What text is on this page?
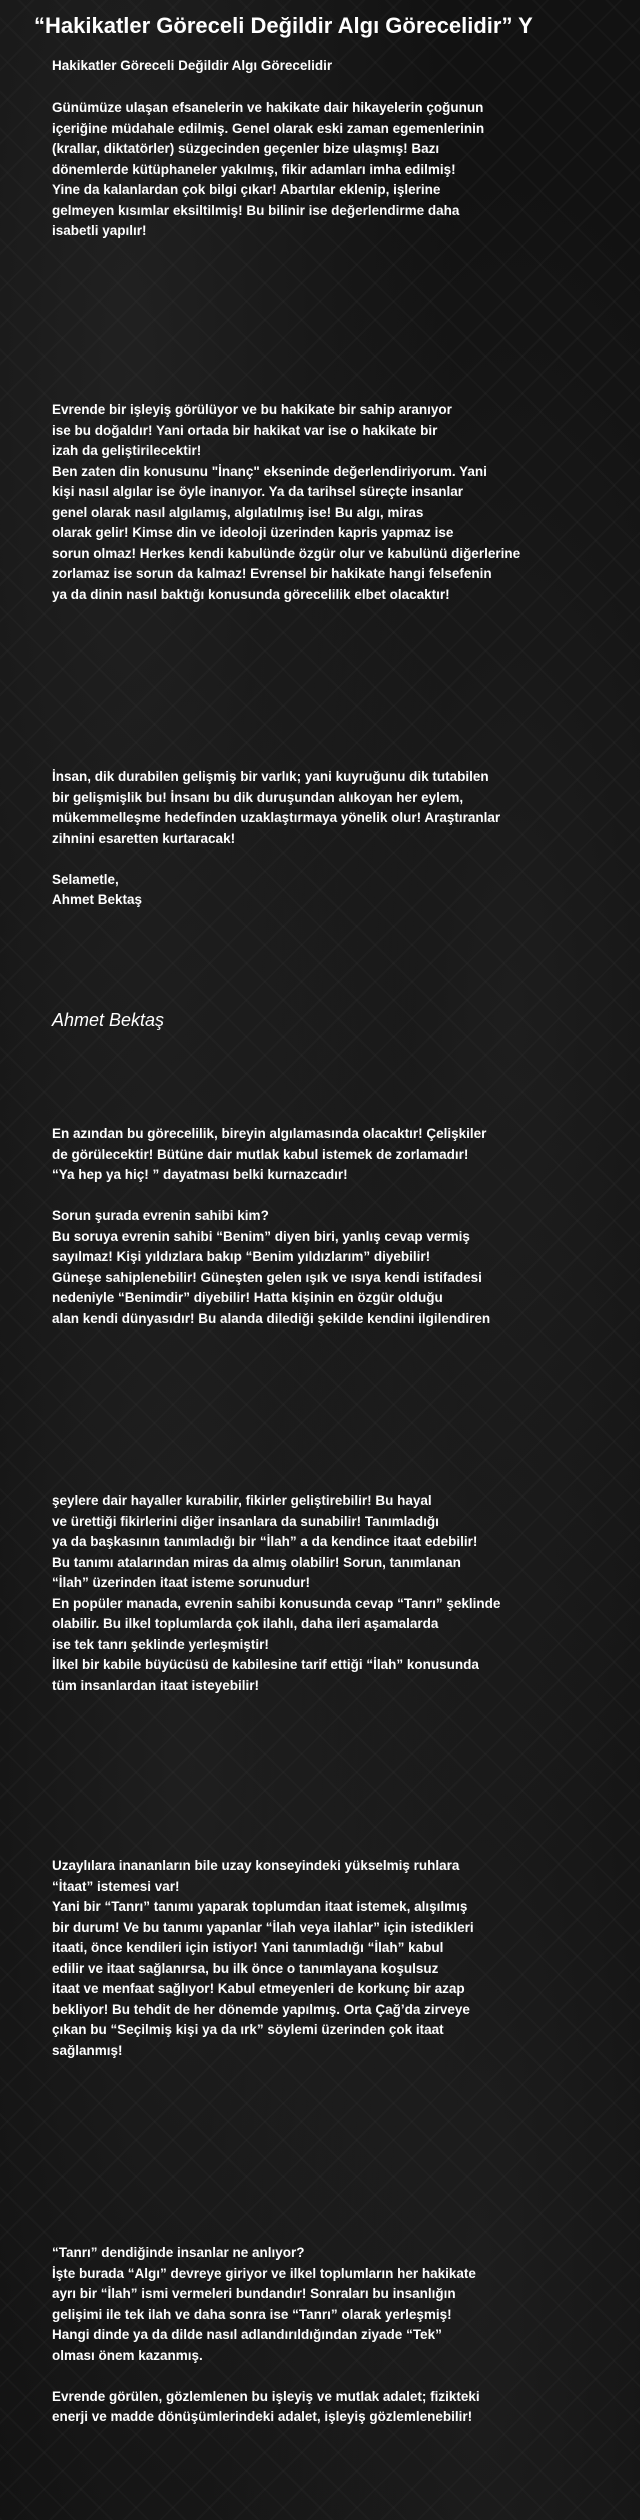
“Hakikatler Göreceli Değildir Algı Görecelidir” Y
Hakikatler Göreceli Değildir Algı Görecelidir
Günümüze ulaşan efsanelerin ve hakikate dair hikayelerin çoğunun
içeriğine müdahale edilmiş. Genel olarak eski zaman egemenlerinin
(krallar, diktatörler) süzgecinden geçenler bize ulaşmış! Bazı
dönemlerde kütüphaneler yakılmış, fikir adamları imha edilmiş!
Yine da kalanlardan çok bilgi çıkar! Abartılar eklenip, işlerine
gelmeyen kısımlar eksiltilmiş! Bu bilinir ise değerlendirme daha
isabetli yapılır!
Evrende bir işleyiş görülüyor ve bu hakikate bir sahip aranıyor
ise bu doğaldır! Yani ortada bir hakikat var ise o hakikate bir
izah da geliştirilecektir!
Ben zaten din konusunu "İnanç" ekseninde değerlendiriyorum. Yani
kişi nasıl algılar ise öyle inanıyor. Ya da tarihsel süreçte insanlar
genel olarak nasıl algılamış, algılatılmış ise! Bu algı, miras
olarak gelir! Kimse din ve ideoloji üzerinden kapris yapmaz ise
sorun olmaz! Herkes kendi kabulünde özgür olur ve kabulünü diğerlerine
zorlamaz ise sorun da kalmaz! Evrensel bir hakikate hangi felsefenin
ya da dinin nasıl baktığı konusunda görecelilik elbet olacaktır!
İnsan, dik durabilen gelişmiş bir varlık; yani kuyruğunu dik tutabilen
bir gelişmişlik bu! İnsanı bu dik duruşundan alıkoyan her eylem,
mükemmelleşme hedefinden uzaklaştırmaya yönelik olur! Araştıranlar
zihnini esaretten kurtaracak!

Selametle,
Ahmet Bektaş
Ahmet Bektaş
En azından bu görecelilik, bireyin algılamasında olacaktır! Çelişkiler
de görülecektir! Bütüne dair mutlak kabul istemek de zorlamadır!
“Ya hep ya hiç! ” dayatması belki kurnazcadır!

Sorun şurada evrenin sahibi kim?
Bu soruya evrenin sahibi “Benim” diyen biri, yanlış cevap vermiş
sayılmaz! Kişi yıldızlara bakıp “Benim yıldızlarım” diyebilir!
Güneşe sahiplenebilir! Güneşten gelen ışık ve ısıya kendi istifadesi
nedeniyle “Benimdir” diyebilir! Hatta kişinin en özgür olduğu
alan kendi dünyasıdır! Bu alanda dilediği şekilde kendini ilgilendiren
şeylere dair hayaller kurabilir, fikirler geliştirebilir! Bu hayal
ve ürettiği fikirlerini diğer insanlara da sunabilir! Tanımladığı
ya da başkasının tanımladığı bir “İlah” a da kendince itaat edebilir!
Bu tanımı atalarından miras da almış olabilir! Sorun, tanımlanan
“İlah” üzerinden itaat isteme sorunudur!
En popüler manada, evrenin sahibi konusunda cevap “Tanrı” şeklinde
olabilir. Bu ilkel toplumlarda çok ilahlı, daha ileri aşamalarda
ise tek tanrı şeklinde yerleşmiştir!
İlkel bir kabile büyücüsü de kabilesine tarif ettiği “İlah” konusunda
tüm insanlardan itaat isteyebilir!
Uzaylılara inananların bile uzay konseyindeki yükselmiş ruhlara
“İtaat” istemesi var!
Yani bir “Tanrı” tanımı yaparak toplumdan itaat istemek, alışılmış
bir durum! Ve bu tanımı yapanlar “İlah veya ilahlar” için istedikleri
itaati, önce kendileri için istiyor! Yani tanımladığı “İlah” kabul
edilir ve itaat sağlanırsa, bu ilk önce o tanımlayana koşulsuz
itaat ve menfaat sağlıyor! Kabul etmeyenleri de korkunç bir azap
bekliyor! Bu tehdit de her dönemde yapılmış. Orta Çağ’da zirveye
çıkan bu “Seçilmiş kişi ya da ırk” söylemi üzerinden çok itaat
sağlanmış!
“Tanrı” dendiğinde insanlar ne anlıyor?
İşte burada “Algı” devreye giriyor ve ilkel toplumların her hakikate
ayrı bir “İlah” ismi vermeleri bundandır! Sonraları bu insanlığın
gelişimi ile tek ilah ve daha sonra ise “Tanrı” olarak yerleşmiş!
Hangi dinde ya da dilde nasıl adlandırıldığından ziyade “Tek”
olması önem kazanmış.

Evrende görülen, gözlemlenen bu işleyiş ve mutlak adalet; fizikteki
enerji ve madde dönüşümlerindeki adalet, işleyiş gözlemlenebilir!
